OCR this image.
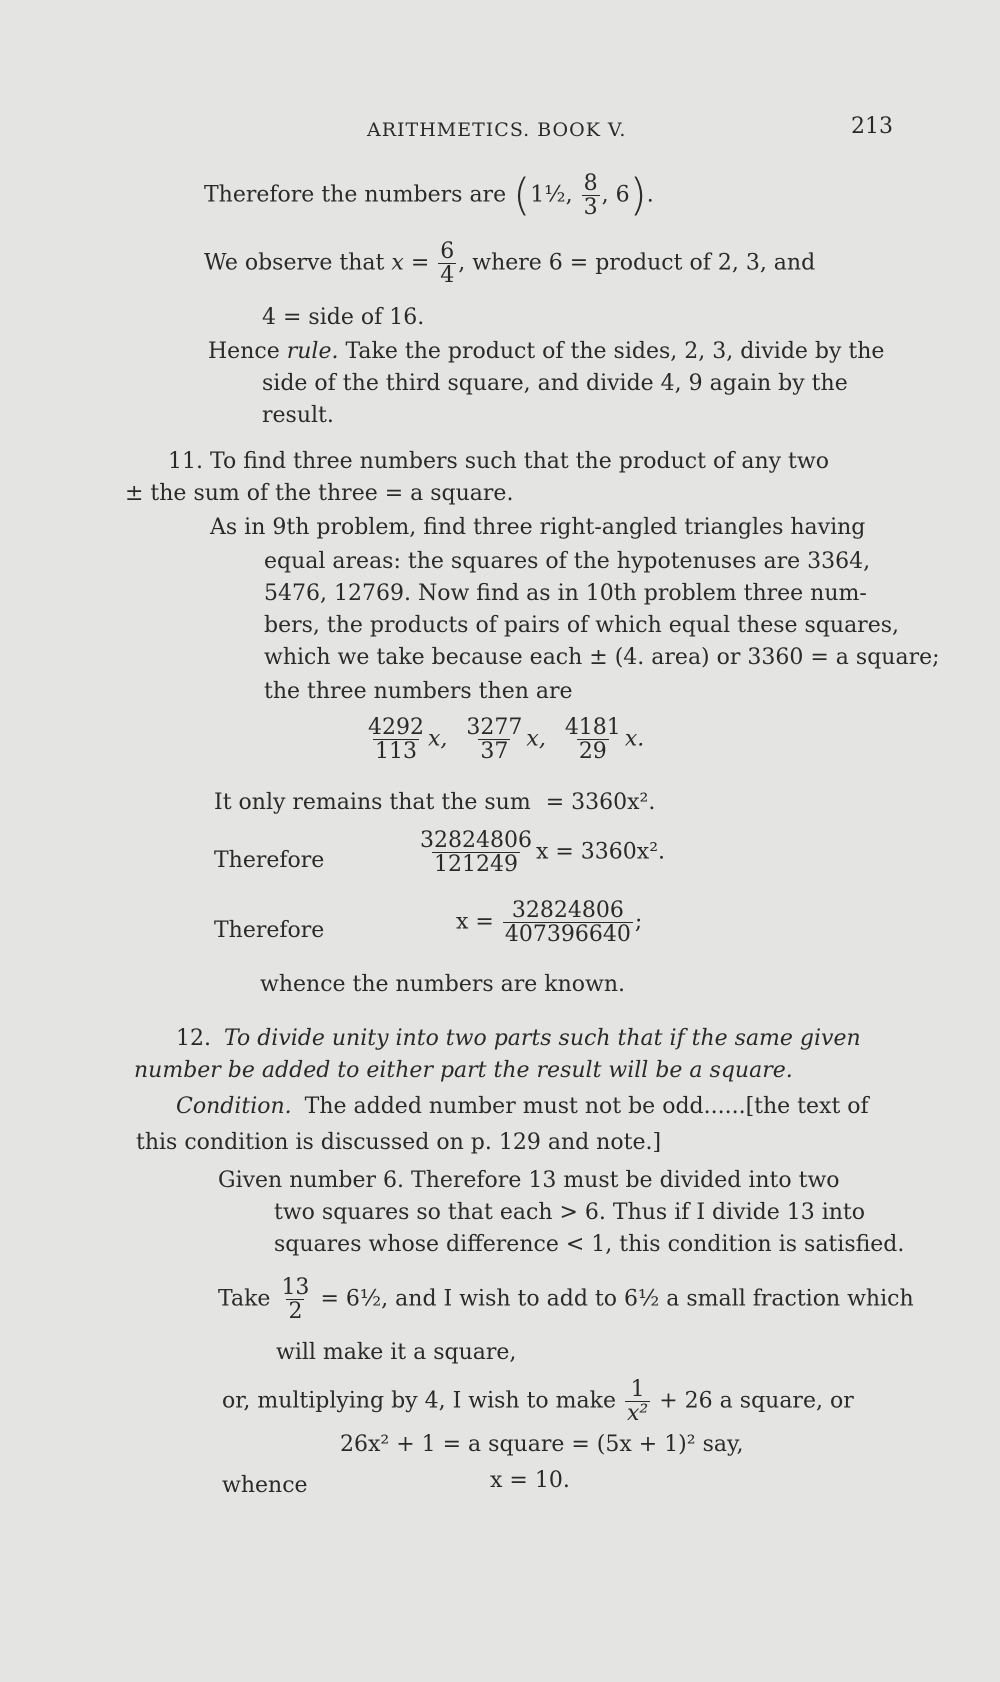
ARITHMETICS. BOOK V.	213
Therefore the numbers are (1½, $\frac{8}{3}$ , 6).
We observe that $x = \frac{6}{4}$ , where 6 = product of 2, 3, and
4 = side of 16.
Hence rule. Take the product of the sides, 2, 3, divide by the
side of the third square, and divide 4, 9 again by the
result.
11. To find three numbers such that the product of any two
± the sum of the three = a square.
As in 9th problem, find three right-angled triangles having
equal areas: the squares of the hypotenuses are 3364,
5476, 12769. Now find as in 10th problem three num-
bers, the products of pairs of which equal these squares,
which we take because each ± (4. area) or 3360 = a square;
the three numbers then are
$\frac{4292}{113} x$, $\frac{3277}{37} x$, $\frac{4181}{29} x$.
It only remains that the sum = 3360x².
Therefore	$\frac{32824806}{121249}$ x = 3360x².
Therefore	$x = \frac{32824806}{407396640}$ ;
whence the numbers are known.
12. To divide unity into two parts such that if the same given
number be added to either part the result will be a square.
Condition. The added number must not be odd......[the text of
this condition is discussed on p. 129 and note.]
Given number 6. Therefore 13 must be divided into two
two squares so that each > 6. Thus if I divide 13 into
squares whose difference < 1, this condition is satisfied.
Take $\frac{13}{2}$ = 6½, and I wish to add to 6½ a small fraction which
will make it a square,
or, multiplying by 4, I wish to make $\frac{1}{\text{x²}} + 26$ a square, or
26x² + 1 = a square = (5x + 1)² say,
whence	x = 10.
